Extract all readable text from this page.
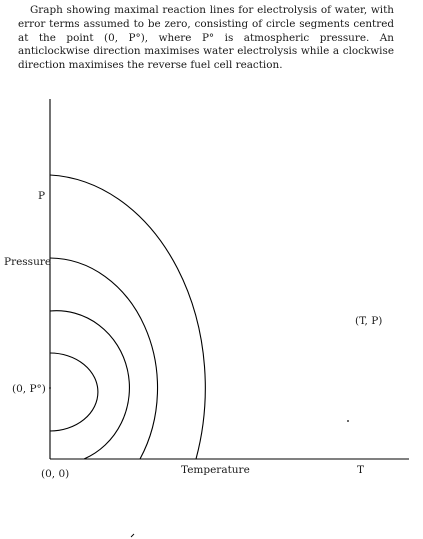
Graph showing maximal reaction lines for electrolysis of water, with error terms assumed to be zero, consisting of circle segments centred at the point (0, P°), where P° is atmospheric pressure. An anticlockwise direction maximises water electrolysis while a clockwise direction maximises the reverse fuel cell reaction.

P
Pressure
(0, P°)
(0, 0)	Temperature	T
(T, P)
